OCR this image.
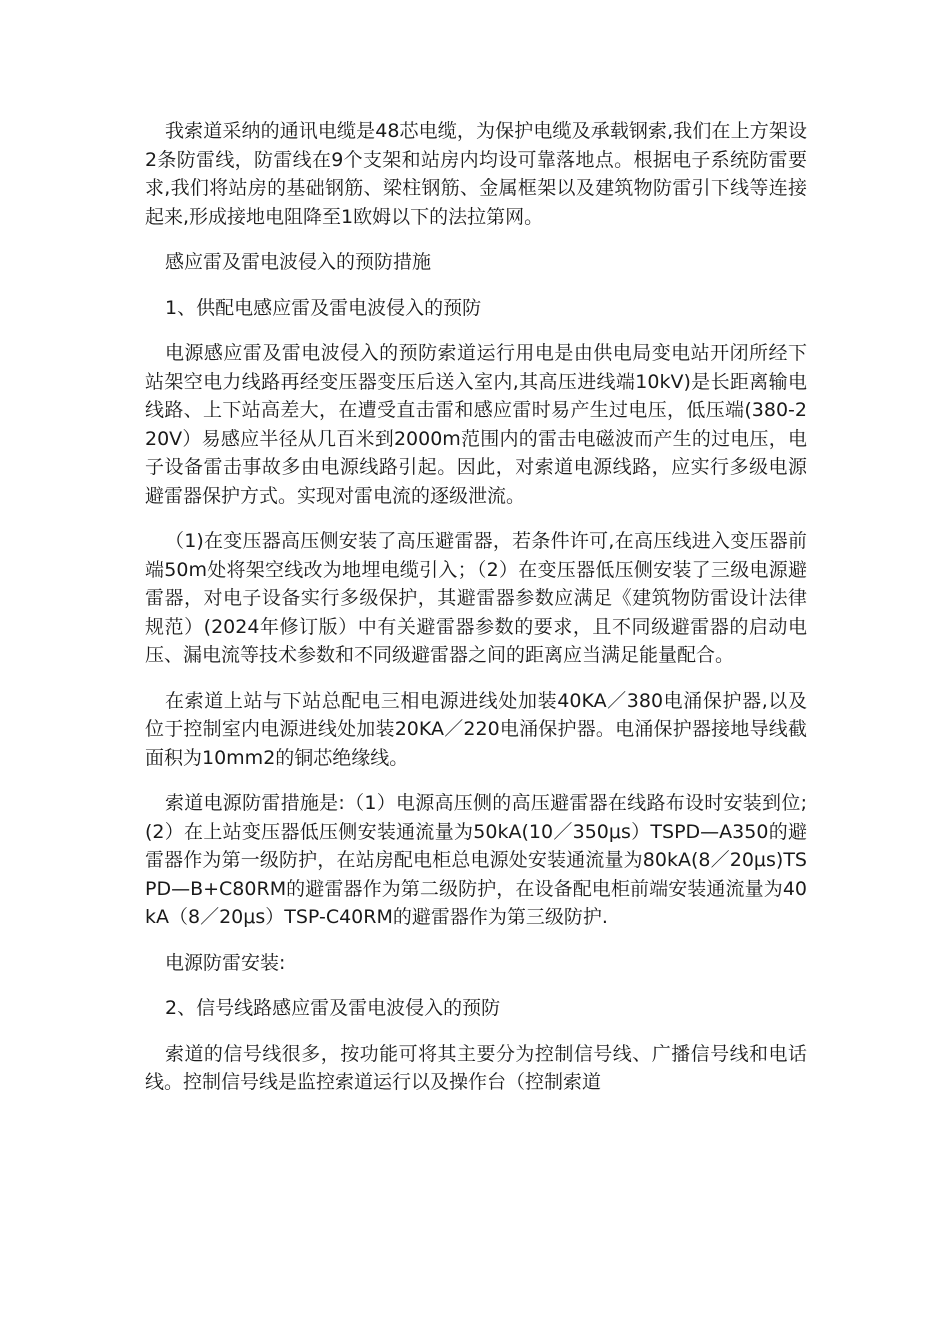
我索道采纳的通讯电缆是48芯电缆，为保护电缆及承载钢索,我们在上方架设2条防雷线，防雷线在9个支架和站房内均设可靠落地点。根据电子系统防雷要求,我们将站房的基础钢筋、梁柱钢筋、金属框架以及建筑物防雷引下线等连接起来,形成接地电阻降至1欧姆以下的法拉第网。

感应雷及雷电波侵入的预防措施

1、供配电感应雷及雷电波侵入的预防

电源感应雷及雷电波侵入的预防索道运行用电是由供电局变电站开闭所经下站架空电力线路再经变压器变压后送入室内,其高压进线端10kV)是长距离输电线路、上下站高差大，在遭受直击雷和感应雷时易产生过电压，低压端(380-220V）易感应半径从几百米到2000m范围内的雷击电磁波而产生的过电压，电子设备雷击事故多由电源线路引起。因此，对索道电源线路，应实行多级电源避雷器保护方式。实现对雷电流的逐级泄流。

（1)在变压器高压侧安装了高压避雷器，若条件许可,在高压线进入变压器前端50m处将架空线改为地埋电缆引入；（2）在变压器低压侧安装了三级电源避雷器，对电子设备实行多级保护，其避雷器参数应满足《建筑物防雷设计法律规范）(2024年修订版）中有关避雷器参数的要求，且不同级避雷器的启动电压、漏电流等技术参数和不同级避雷器之间的距离应当满足能量配合。

在索道上站与下站总配电三相电源进线处加装40KA／380电涌保护器,以及位于控制室内电源进线处加装20KA／220电涌保护器。电涌保护器接地导线截面积为10mm2的铜芯绝缘线。

索道电源防雷措施是:（1）电源高压侧的高压避雷器在线路布设时安装到位;(2）在上站变压器低压侧安装通流量为50kA(10／350μs）TSPD—A350的避雷器作为第一级防护，在站房配电柜总电源处安装通流量为80kA(8／20μs)TSPD—B+C80RM的避雷器作为第二级防护，在设备配电柜前端安装通流量为40kA（8／20μs）TSP-C40RM的避雷器作为第三级防护.

电源防雷安装:

2、信号线路感应雷及雷电波侵入的预防

索道的信号线很多，按功能可将其主要分为控制信号线、广播信号线和电话线。控制信号线是监控索道运行以及操作台（控制索道
